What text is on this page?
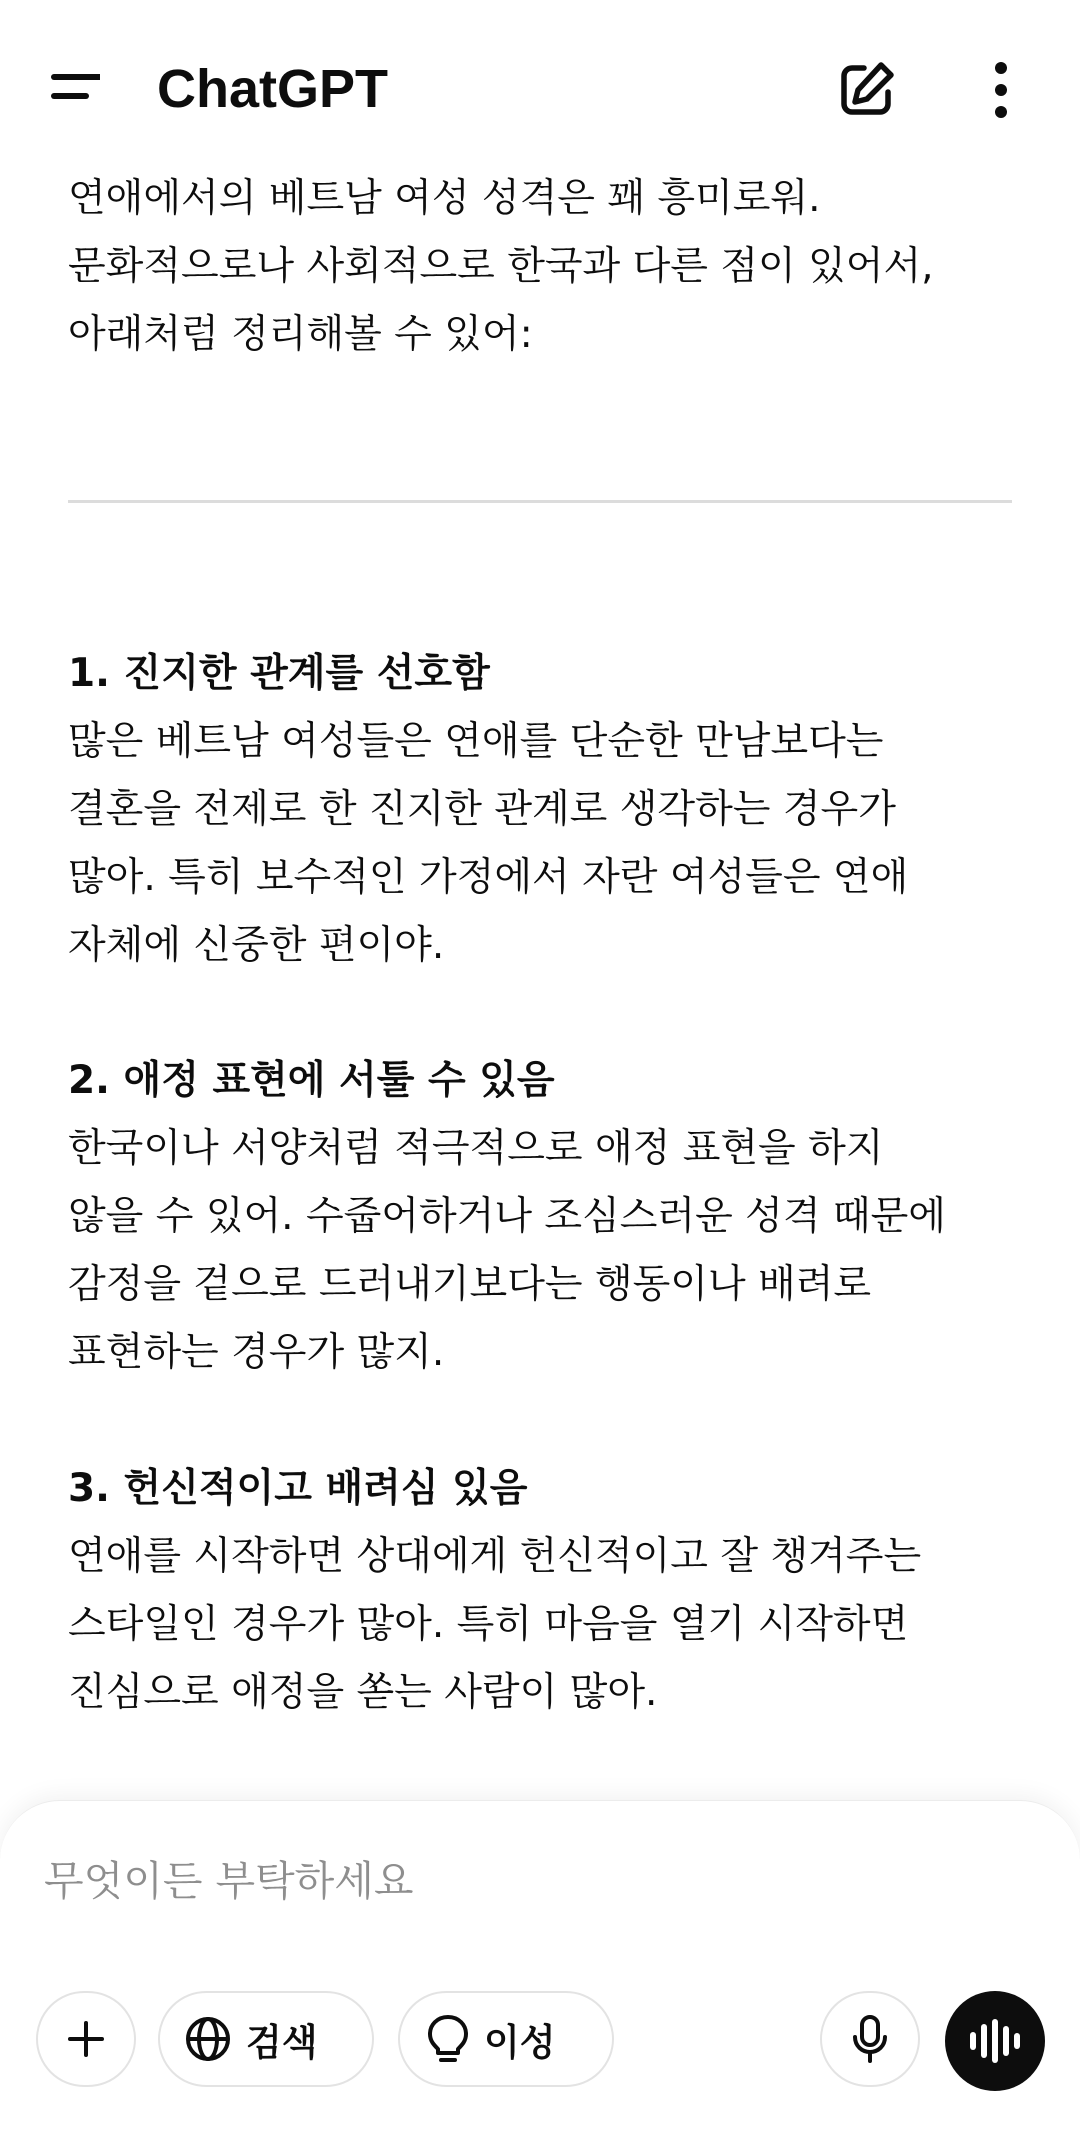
ChatGPT

연애에서의 베트남 여성 성격은 꽤 흥미로워.

문화적으로나 사회적으로 한국과 다른 점이 있어서,

아래처럼 정리해볼 수 있어:

1. 진지한 관계를 선호함

많은 베트남 여성들은 연애를 단순한 만남보다는

결혼을 전제로 한 진지한 관계로 생각하는 경우가

많아. 특히 보수적인 가정에서 자란 여성들은 연애

자체에 신중한 편이야.

2. 애정 표현에 서툴 수 있음

한국이나 서양처럼 적극적으로 애정 표현을 하지

않을 수 있어. 수줍어하거나 조심스러운 성격 때문에

감정을 겉으로 드러내기보다는 행동이나 배려로

표현하는 경우가 많지.

3. 헌신적이고 배려심 있음

연애를 시작하면 상대에게 헌신적이고 잘 챙겨주는

스타일인 경우가 많아. 특히 마음을 열기 시작하면

진심으로 애정을 쏟는 사람이 많아.

무엇이든 부탁하세요
검색	이성
